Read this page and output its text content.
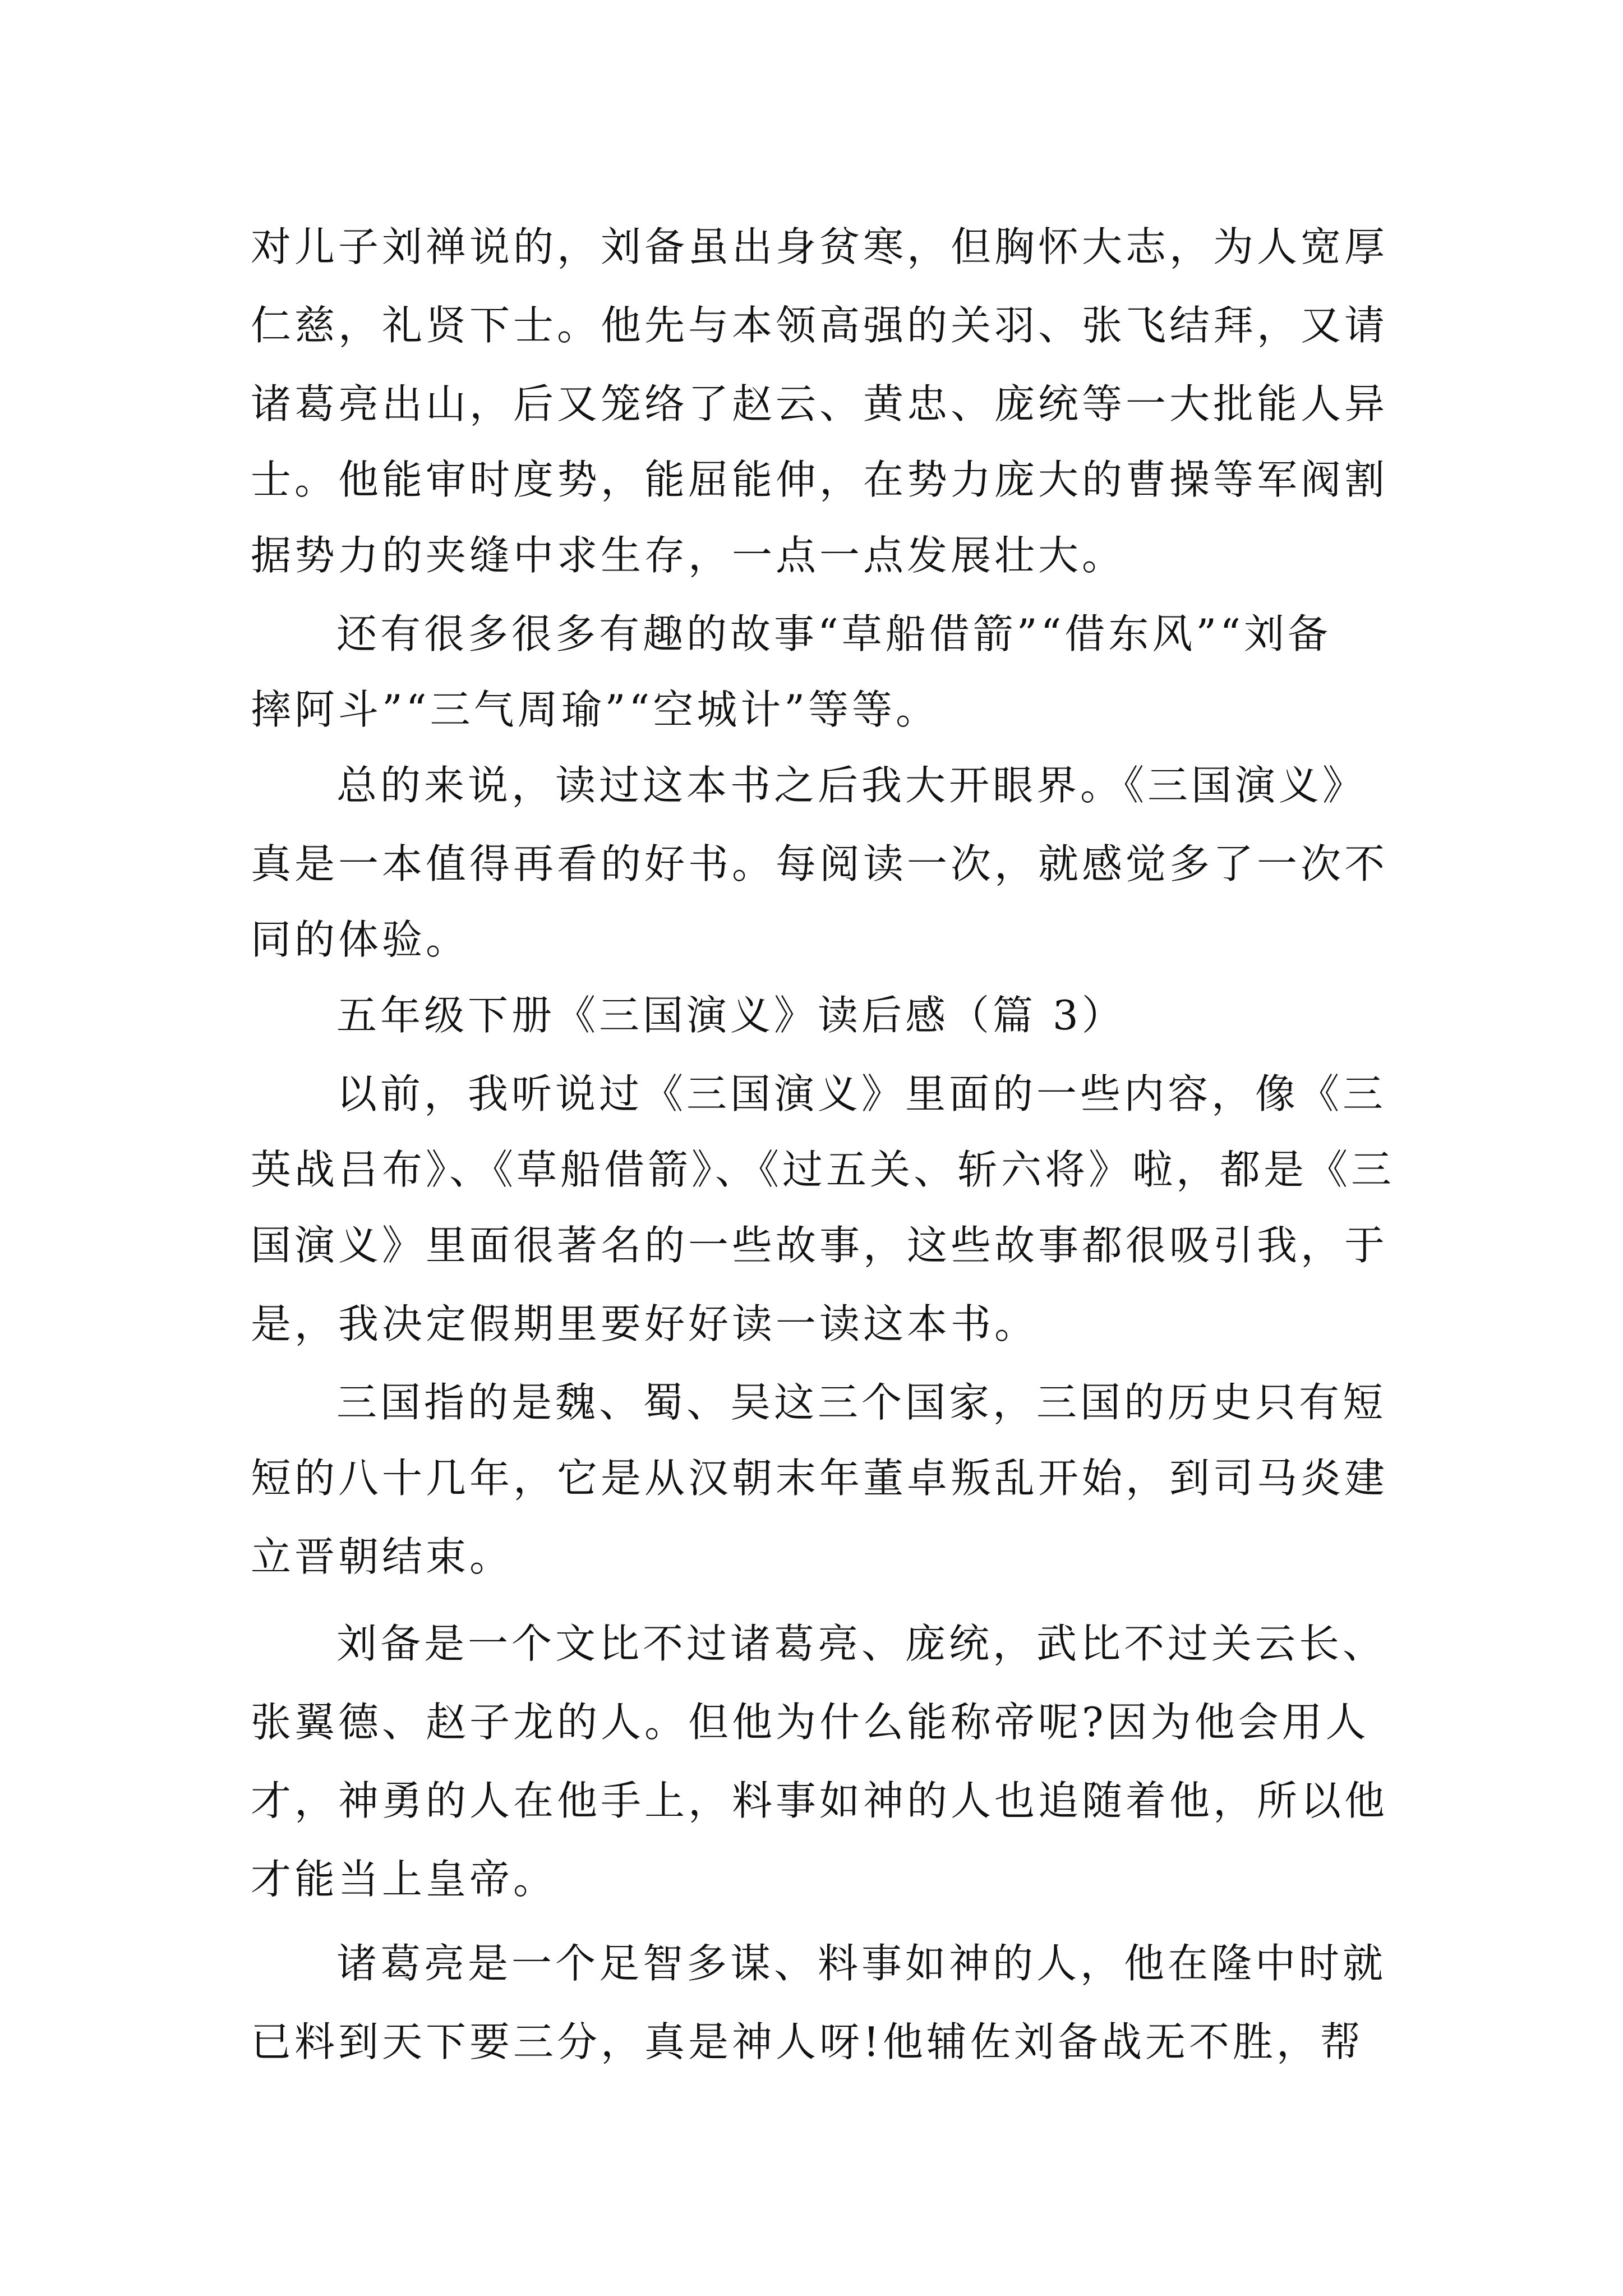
对儿子刘禅说的，刘备虽出身贫寒，但胸怀大志，为人宽厚
仁慈，礼贤下士。他先与本领高强的关羽、张飞结拜，又请
诸葛亮出山，后又笼络了赵云、黄忠、庞统等一大批能人异
士。他能审时度势，能屈能伸，在势力庞大的曹操等军阀割
据势力的夹缝中求生存，一点一点发展壮大。
还有很多很多有趣的故事“草船借箭”“借东风”“刘备
摔阿斗”“三气周瑜”“空城计”等等。
总的来说，读过这本书之后我大开眼界。《三国演义》
真是一本值得再看的好书。每阅读一次，就感觉多了一次不
同的体验。
五年级下册《三国演义》读后感（篇 3）
以前，我听说过《三国演义》里面的一些内容，像《三
英战吕布》、《草船借箭》、《过五关、斩六将》啦，都是《三
国演义》里面很著名的一些故事，这些故事都很吸引我，于
是，我决定假期里要好好读一读这本书。
三国指的是魏、蜀、吴这三个国家，三国的历史只有短
短的八十几年，它是从汉朝末年董卓叛乱开始，到司马炎建
立晋朝结束。
刘备是一个文比不过诸葛亮、庞统，武比不过关云长、
张翼德、赵子龙的人。但他为什么能称帝呢?因为他会用人
才，神勇的人在他手上，料事如神的人也追随着他，所以他
才能当上皇帝。
诸葛亮是一个足智多谋、料事如神的人，他在隆中时就
已料到天下要三分，真是神人呀!他辅佐刘备战无不胜，帮
